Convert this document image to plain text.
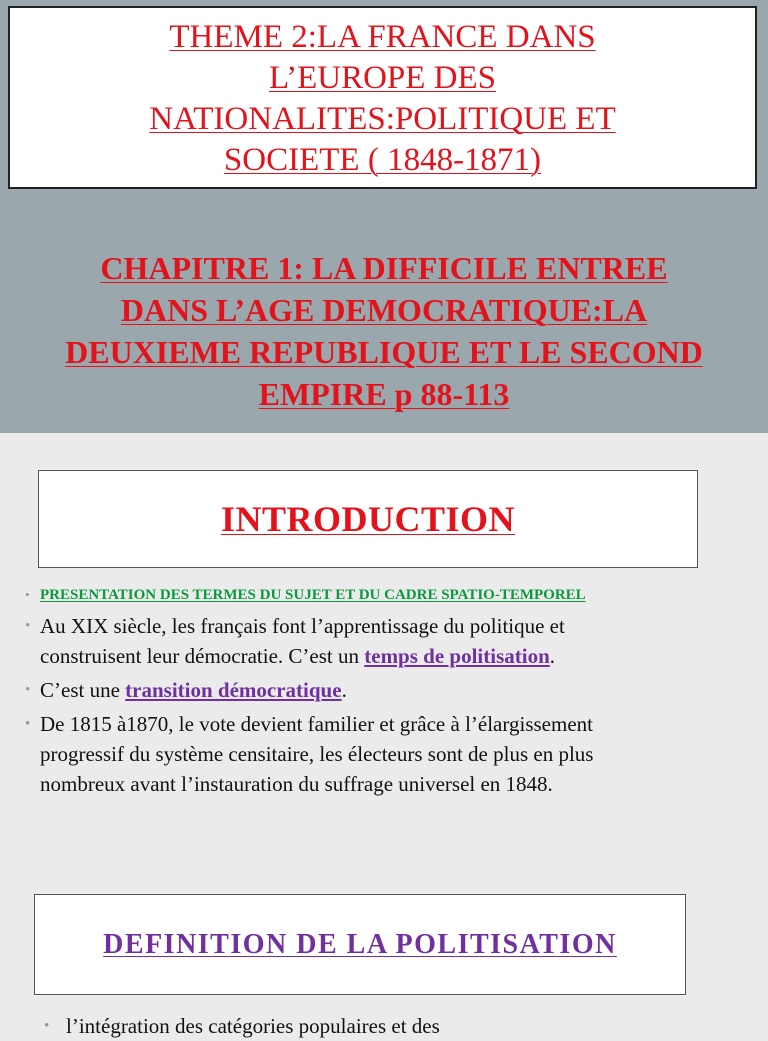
THEME 2:LA FRANCE DANS
L’EUROPE DES
NATIONALITES:POLITIQUE ET
SOCIETE ( 1848-1871)
CHAPITRE 1: LA DIFFICILE ENTREE
DANS L’AGE DEMOCRATIQUE:LA
DEUXIEME REPUBLIQUE ET LE SECOND
EMPIRE p 88-113
INTRODUCTION
• PRESENTATION DES TERMES DU SUJET ET DU CADRE SPATIO-TEMPOREL
• Au XIX siècle, les français font l’apprentissage du politique et
construisent leur démocratie. C’est un temps de politisation.
• C’est une transition démocratique.
• De 1815 à1870, le vote devient familier et grâce à l’élargissement
progressif du système censitaire, les électeurs sont de plus en plus
nombreux avant l’instauration du suffrage universel en 1848.
DEFINITION DE LA POLITISATION
• l’intégration des catégories populaires et des
